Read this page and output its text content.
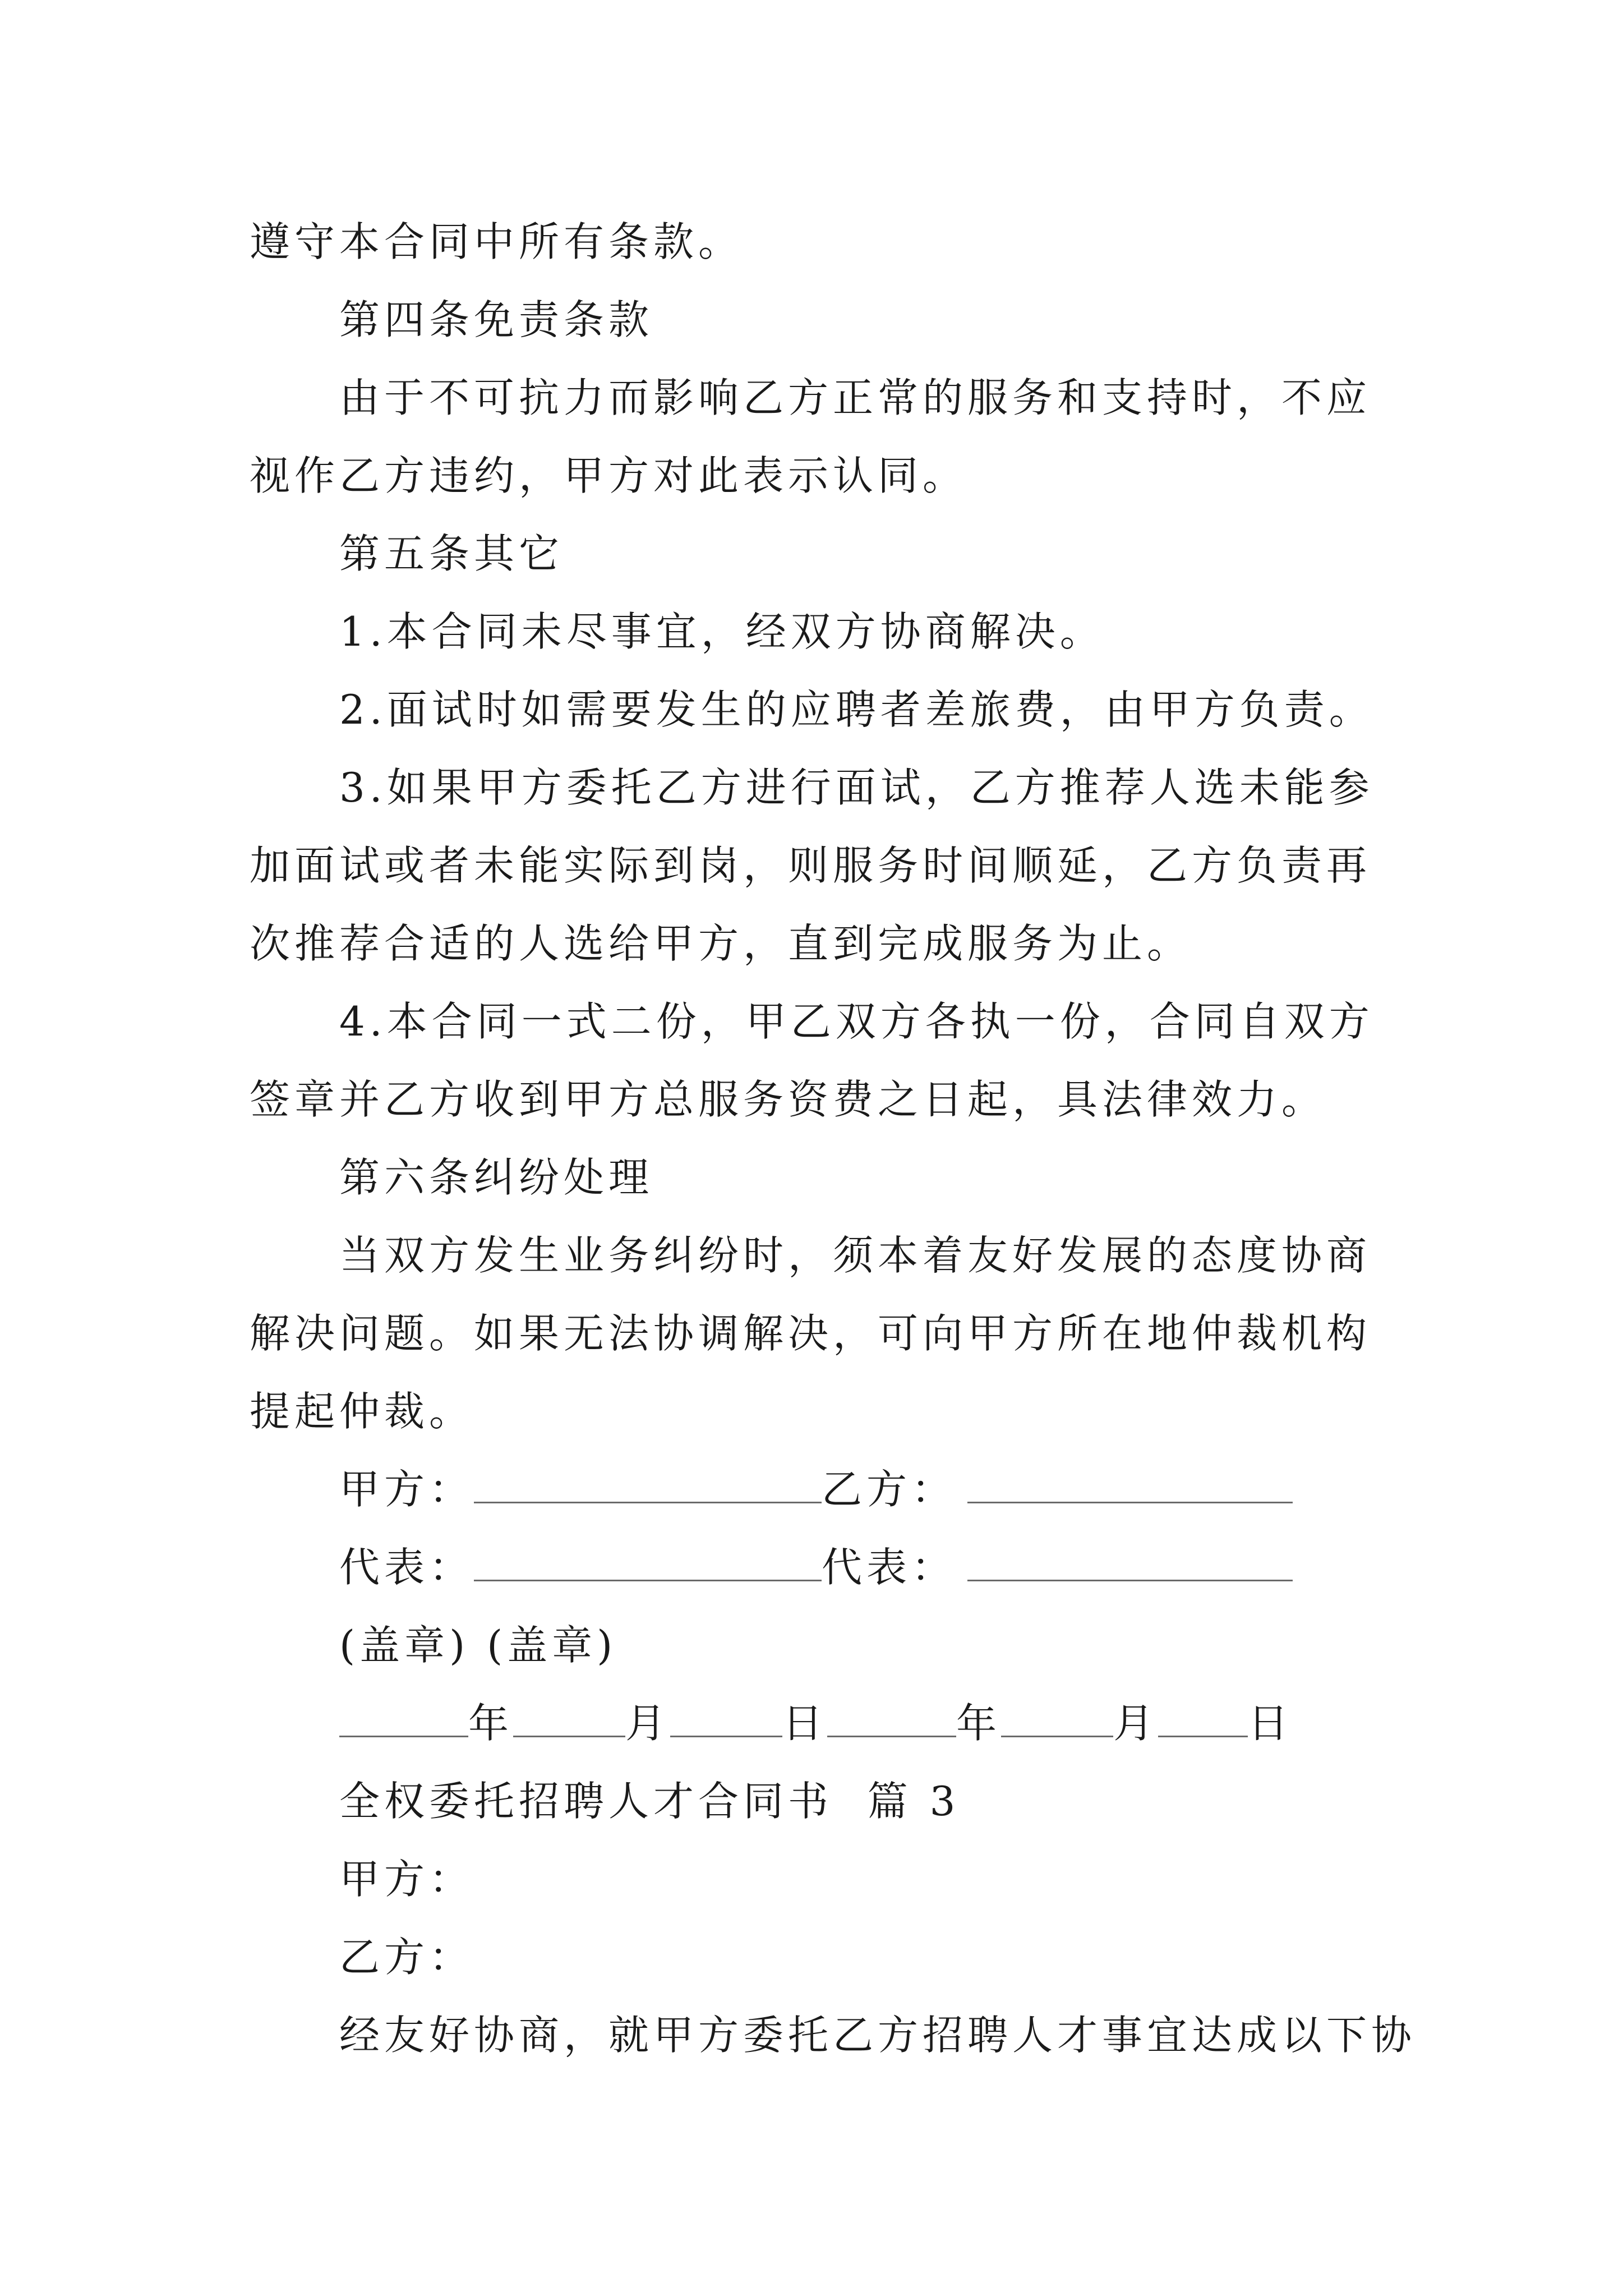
遵守本合同中所有条款。

第四条免责条款

由于不可抗力而影响乙方正常的服务和支持时，不应视作乙方违约，甲方对此表示认同。

第五条其它

1.本合同未尽事宜，经双方协商解决。

2.面试时如需要发生的应聘者差旅费，由甲方负责。

3.如果甲方委托乙方进行面试，乙方推荐人选未能参加面试或者未能实际到岗，则服务时间顺延，乙方负责再次推荐合适的人选给甲方，直到完成服务为止。

4.本合同一式二份，甲乙双方各执一份，合同自双方签章并乙方收到甲方总服务资费之日起，具法律效力。

第六条纠纷处理

当双方发生业务纠纷时，须本着友好发展的态度协商解决问题。如果无法协调解决，可向甲方所在地仲裁机构提起仲裁。

甲方：	乙方：

代表：	代表：

(盖章) (盖章)

年	月	日	年	月 日

全权委托招聘人才合同书  篇 3

甲方：

乙方：

经友好协商，就甲方委托乙方招聘人才事宜达成以下协
